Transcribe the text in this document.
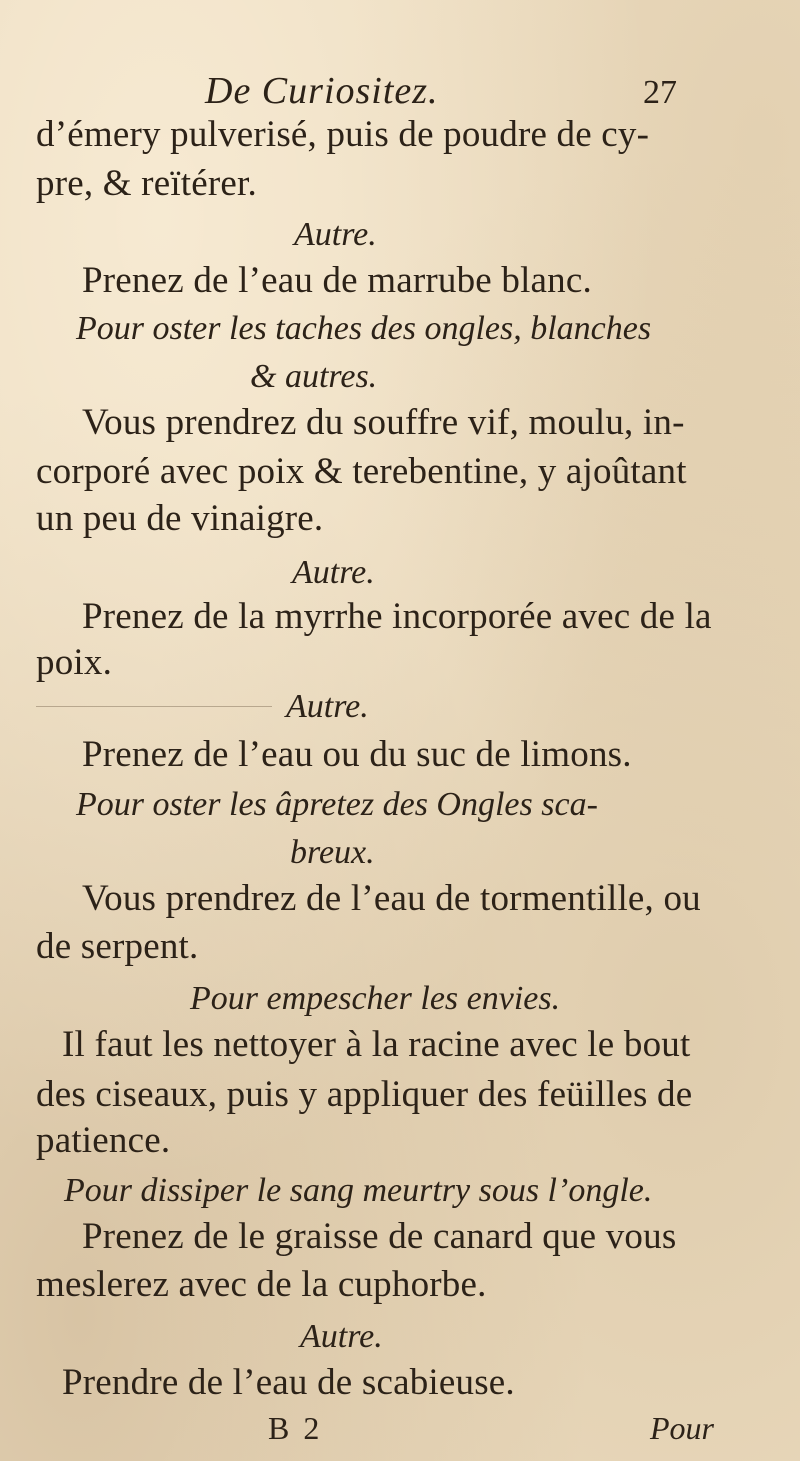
De Curiositez.	27
d’émery pulverisé, puis de poudre de cy-
pre, & reïtérer.
Autre.
Prenez de l’eau de marrube blanc.
Pour oster les taches des ongles, blanches
& autres.
Vous prendrez du souffre vif, moulu, in-
corporé avec poix & terebentine, y ajoûtant
un peu de vinaigre.
Autre.
Prenez de la myrrhe incorporée avec de la
poix.
Autre.
Prenez de l’eau ou du suc de limons.
Pour oster les âpretez des Ongles sca-
breux.
Vous prendrez de l’eau de tormentille, ou
de serpent.
Pour empescher les envies.
Il faut les nettoyer à la racine avec le bout
des ciseaux, puis y appliquer des feüilles de
patience.
Pour dissiper le sang meurtry sous l’ongle.
Prenez de le graisse de canard que vous
meslerez avec de la cuphorbe.
Autre.
Prendre de l’eau de scabieuse.
B 2	Pour
